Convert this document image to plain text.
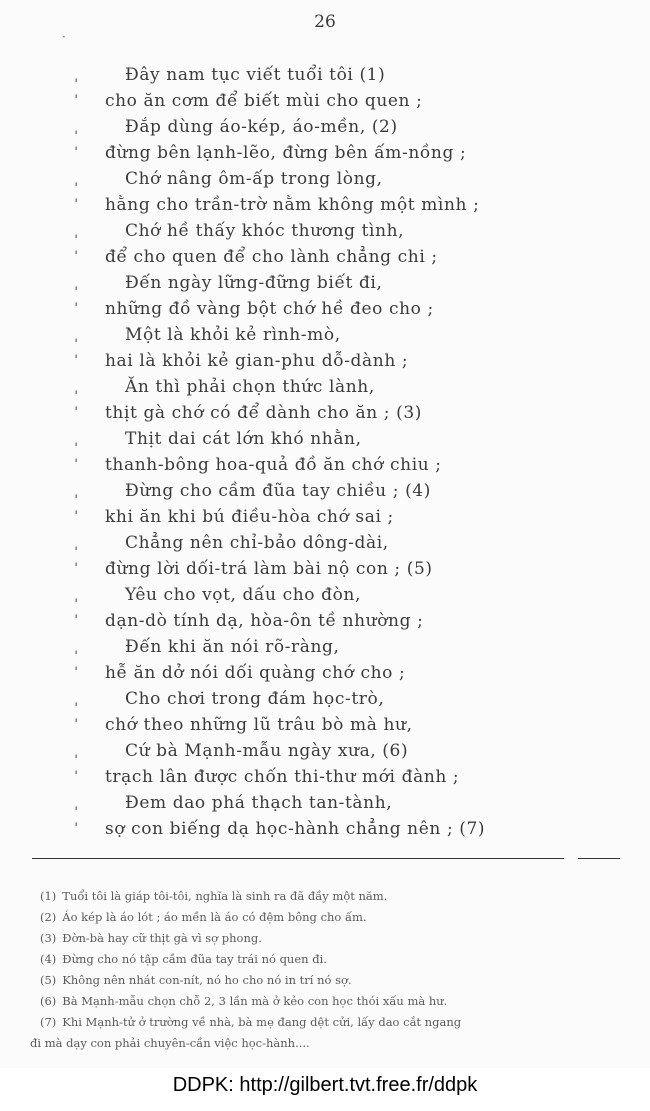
26
·
ˌ	Đây nam tục viết tuổi tôi (1)
ˈ cho ăn cơm để biết mùi cho quen ;
ˌ	Đắp dùng áo-kép, áo-mền, (2)
ˈ đừng bên lạnh-lẽo, đừng bên ấm-nồng ;
ˌ	Chớ nâng ôm-ấp trong lòng,
ˈ hằng cho trần-trờ nằm không một mình ;
ˌ	Chớ hề thấy khóc thương tình,
ˈ để cho quen để cho lành chẳng chi ;
ˌ	Đến ngày lững-đững biết đi,
ˈ những đồ vàng bột chớ hề đeo cho ;
ˌ	Một là khỏi kẻ rình-mò,
ˈ hai là khỏi kẻ gian-phu dỗ-dành ;
ˌ	Ăn thì phải chọn thức lành,
ˈ thịt gà chớ có để dành cho ăn ; (3)
ˌ	Thịt dai cát lớn khó nhằn,
ˈ thanh-bông hoa-quả đồ ăn chớ chiu ;
ˌ	Đừng cho cầm đũa tay chiều ; (4)
ˈ khi ăn khi bú điều-hòa chớ sai ;
ˌ	Chẳng nên chỉ-bảo dông-dài,
ˈ đừng lời dối-trá làm bài nộ con ; (5)
ˌ	Yêu cho vọt, dấu cho đòn,
ˈ dạn-dò tính dạ, hòa-ôn tề nhường ;
ˌ	Đến khi ăn nói rõ-ràng,
ˈ hễ ăn dở nói dối quàng chớ cho ;
ˌ	Cho chơi trong đám học-trò,
ˈ chớ theo những lũ trâu bò mà hư,
ˌ	Cứ bà Mạnh-mẫu ngày xưa, (6)
ˈ trạch lân được chốn thi-thư mới đành ;
ˌ	Đem dao phá thạch tan-tành,
ˈ sợ con biếng dạ học-hành chẳng nên ; (7)
(1) Tuổi tôi là giáp tôi-tôi, nghĩa là sinh ra đã đầy một năm.
(2) Áo kép là áo lót ; áo mền là áo có đệm bông cho ấm.
(3) Đờn-bà hay cữ thịt gà vì sợ phong.
(4) Đừng cho nó tập cầm đũa tay trái nó quen đi.
(5) Không nên nhát con-nít, nó ho cho nó in trí nó sợ.
(6) Bà Mạnh-mẫu chọn chỗ 2, 3 lần mà ở kẻo con học thói xấu mà hư.
(7) Khi Mạnh-tử ở trường về nhà, bà mẹ đang dệt cửi, lấy dao cắt ngang
đi mà dạy con phải chuyên-cần việc học-hành....
DDPK: http://gilbert.tvt.free.fr/ddpk
